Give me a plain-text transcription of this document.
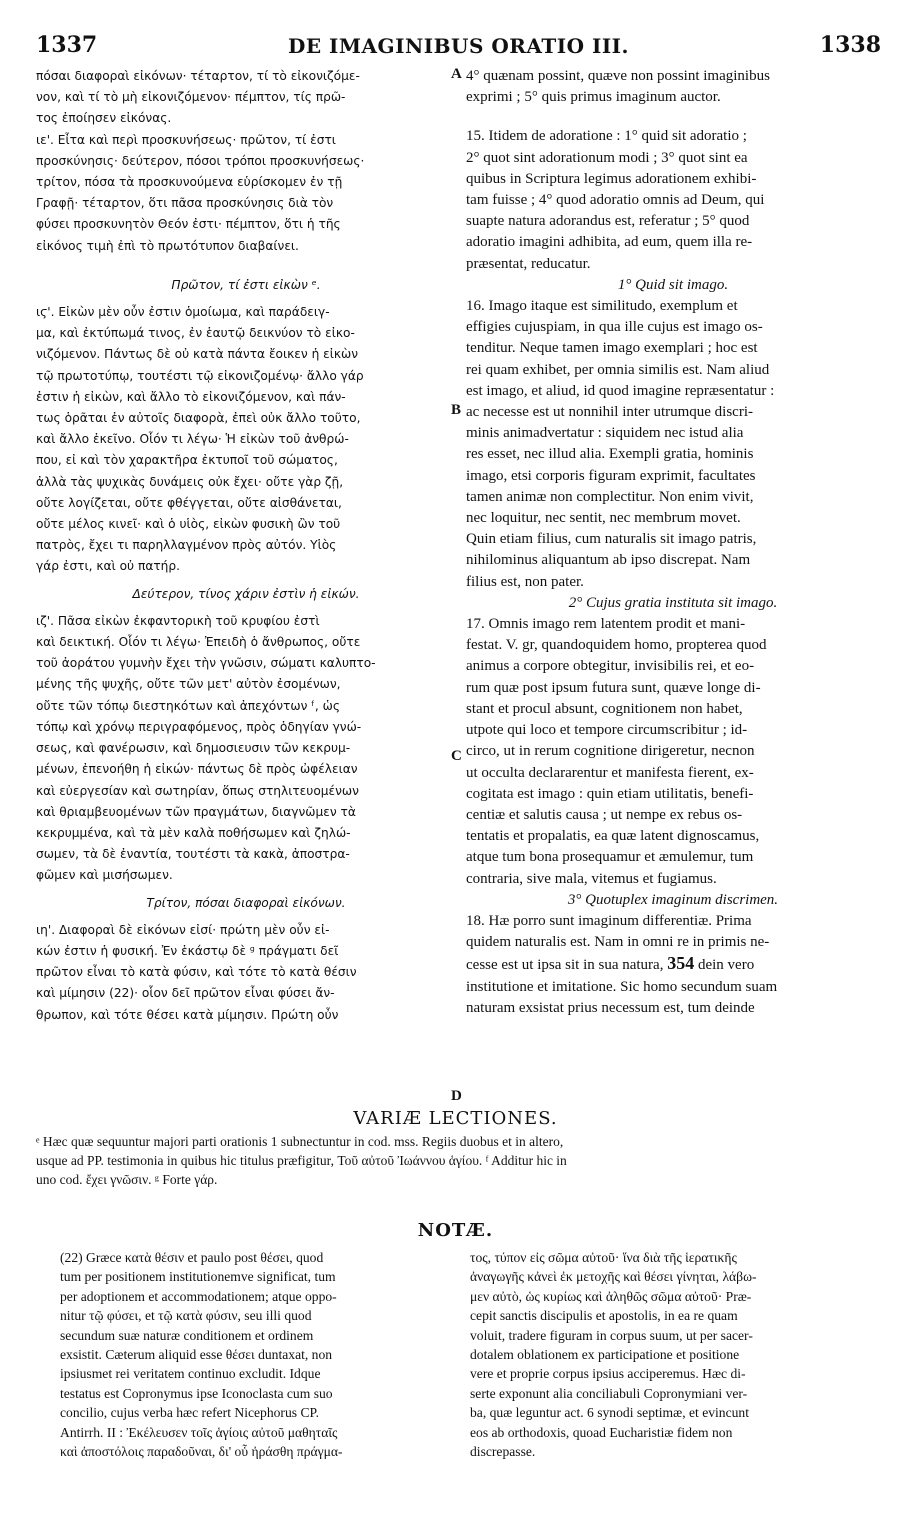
1337	DE IMAGINIBUS ORATIO III.	1338
A
B
C
D
πόσαι διαφοραὶ εἰκόνων· τέταρτον, τί τὸ εἰκονιζόμε-
νον, καὶ τί τὸ μὴ εἰκονιζόμενον· πέμπτον, τίς πρῶ-
τος ἐποίησεν εἰκόνας.
ιε'. Εἶτα καὶ περὶ προσκυνήσεως· πρῶτον, τί ἐστι
προσκύνησις· δεύτερον, πόσοι τρόποι προσκυνήσεως·
τρίτον, πόσα τὰ προσκυνούμενα εὑρίσκομεν ἐν τῇ
Γραφῇ· τέταρτον, ὅτι πᾶσα προσκύνησις διὰ τὸν
φύσει προσκυνητὸν Θεόν ἐστι· πέμπτον, ὅτι ἡ τῆς
εἰκόνος τιμὴ ἐπὶ τὸ πρωτότυπον διαβαίνει.
Πρῶτον, τί ἐστι εἰκὼν ᵉ.
ιϛ'. Εἰκὼν μὲν οὖν ἐστιν ὁμοίωμα, καὶ παράδειγ-
μα, καὶ ἐκτύπωμά τινος, ἐν ἑαυτῷ δεικνύον τὸ εἰκο-
νιζόμενον. Πάντως δὲ οὐ κατὰ πάντα ἔοικεν ἡ εἰκὼν
τῷ πρωτοτύπῳ, τουτέστι τῷ εἰκονιζομένῳ· ἄλλο γάρ
ἐστιν ἡ εἰκὼν, καὶ ἄλλο τὸ εἰκονιζόμενον, καὶ πάν-
τως ὁρᾶται ἐν αὐτοῖς διαφορὰ, ἐπεὶ οὐκ ἄλλο τοῦτο,
καὶ ἄλλο ἐκεῖνο. Οἷόν τι λέγω· Ἡ εἰκὼν τοῦ ἀνθρώ-
που, εἰ καὶ τὸν χαρακτῆρα ἐκτυποῖ τοῦ σώματος,
ἀλλὰ τὰς ψυχικὰς δυνάμεις οὐκ ἔχει· οὔτε γὰρ ζῇ,
οὔτε λογίζεται, οὔτε φθέγγεται, οὔτε αἰσθάνεται,
οὔτε μέλος κινεῖ· καὶ ὁ υἱὸς, εἰκὼν φυσικὴ ὢν τοῦ
πατρὸς, ἔχει τι παρηλλαγμένον πρὸς αὐτόν. Υἱὸς
γάρ ἐστι, καὶ οὐ πατήρ.
Δεύτερον, τίνος χάριν ἐστὶν ἡ εἰκών.
ιζ'. Πᾶσα εἰκὼν ἐκφαντορικὴ τοῦ κρυφίου ἐστὶ
καὶ δεικτική. Οἷόν τι λέγω· Ἐπειδὴ ὁ ἄνθρωπος, οὔτε
τοῦ ἀοράτου γυμνὴν ἔχει τὴν γνῶσιν, σώματι καλυπτο-
μένης τῆς ψυχῆς, οὔτε τῶν μετ' αὐτὸν ἐσομένων,
οὔτε τῶν τόπῳ διεστηκότων καὶ ἀπεχόντων ᶠ, ὡς
τόπῳ καὶ χρόνῳ περιγραφόμενος, πρὸς ὁδηγίαν γνώ-
σεως, καὶ φανέρωσιν, καὶ δημοσιευσιν τῶν κεκρυμ-
μένων, ἐπενοήθη ἡ εἰκών· πάντως δὲ πρὸς ὠφέλειαν
καὶ εὐεργεσίαν καὶ σωτηρίαν, ὅπως στηλιτευομένων
καὶ θριαμβευομένων τῶν πραγμάτων, διαγνῶμεν τὰ
κεκρυμμένα, καὶ τὰ μὲν καλὰ ποθήσωμεν καὶ ζηλώ-
σωμεν, τὰ δὲ ἐναντία, τουτέστι τὰ κακὰ, ἀποστρα-
φῶμεν καὶ μισήσωμεν.
Τρίτον, πόσαι διαφοραὶ εἰκόνων.
ιη'. Διαφοραὶ δὲ εἰκόνων εἰσί· πρώτη μὲν οὖν εἰ-
κών ἐστιν ἡ φυσική. Ἐν ἑκάστῳ δὲ ᵍ πράγματι δεῖ
πρῶτον εἶναι τὸ κατὰ φύσιν, καὶ τότε τὸ κατὰ θέσιν
καὶ μίμησιν (22)· οἷον δεῖ πρῶτον εἶναι φύσει ἄν-
θρωπον, καὶ τότε θέσει κατὰ μίμησιν. Πρώτη οὖν
4° quænam possint, quæve non possint imaginibus
exprimi ; 5° quis primus imaginum auctor.
15. Itidem de adoratione : 1° quid sit adoratio ;
2° quot sint adorationum modi ; 3° quot sint ea
quibus in Scriptura legimus adorationem exhibi-
tam fuisse ; 4° quod adoratio omnis ad Deum, qui
suapte natura adorandus est, referatur ; 5° quod
adoratio imagini adhibita, ad eum, quem illa re-
præsentat, reducatur.
1° Quid sit imago.
16. Imago itaque est similitudo, exemplum et
effigies cujuspiam, in qua ille cujus est imago os-
tenditur. Neque tamen imago exemplari ; hoc est
rei quam exhibet, per omnia similis est. Nam aliud
est imago, et aliud, id quod imagine repræsentatur :
ac necesse est ut nonnihil inter utrumque discri-
minis animadvertatur : siquidem nec istud alia
res esset, nec illud alia. Exempli gratia, hominis
imago, etsi corporis figuram exprimit, facultates
tamen animæ non complectitur. Non enim vivit,
nec loquitur, nec sentit, nec membrum movet.
Quin etiam filius, cum naturalis sit imago patris,
nihilominus aliquantum ab ipso discrepat. Nam
filius est, non pater.
2° Cujus gratia instituta sit imago.
17. Omnis imago rem latentem prodit et mani-
festat. V. gr, quandoquidem homo, propterea quod
animus a corpore obtegitur, invisibilis rei, et eo-
rum quæ post ipsum futura sunt, quæve longe di-
stant et procul absunt, cognitionem non habet,
utpote qui loco et tempore circumscribitur ; id-
circo, ut in rerum cognitione dirigeretur, necnon
ut occulta declararentur et manifesta fierent, ex-
cogitata est imago : quin etiam utilitatis, benefi-
centiæ et salutis causa ; ut nempe ex rebus os-
tentatis et propalatis, ea quæ latent dignoscamus,
atque tum bona prosequamur et æmulemur, tum
contraria, sive mala, vitemus et fugiamus.
3° Quotuplex imaginum discrimen.
18. Hæ porro sunt imaginum differentiæ. Prima
quidem naturalis est. Nam in omni re in primis ne-
cesse est ut ipsa sit in sua natura, 354 dein vero
institutione et imitatione. Sic homo secundum suam
naturam exsistat prius necessum est, tum deinde
VARIÆ LECTIONES.
ᵉ Hæc quæ sequuntur majori parti orationis 1 subnectuntur in cod. mss. Regiis duobus et in altero,
usque ad PP. testimonia in quibus hic titulus præfigitur, Τοῦ αὐτοῦ Ἰωάννου ἁγίου. ᶠ Additur hic in
uno cod. ἔχει γνῶσιν. ᵍ Forte γάρ.
NOTÆ.
(22) Græce κατὰ θέσιν et paulo post θέσει, quod
tum per positionem institutionemve significat, tum
per adoptionem et accommodationem; atque oppo-
nitur τῷ φύσει, et τῷ κατὰ φύσιν, seu illi quod
secundum suæ naturæ conditionem et ordinem
exsistit. Cæterum aliquid esse θέσει duntaxat, non
ipsiusmet rei veritatem continuo excludit. Idque
testatus est Copronymus ipse Iconoclasta cum suo
concilio, cujus verba hæc refert Nicephorus CP.
Antirrh. II : Ἐκέλευσεν τοῖς ἁγίοις αὐτοῦ μαθηταῖς
καὶ ἀποστόλοις παραδοῦναι, δι' οὗ ἠράσθη πράγμα-
τος, τύπον εἰς σῶμα αὐτοῦ· ἵνα διὰ τῆς ἱερατικῆς
ἀναγωγῆς κἀνεὶ ἐκ μετοχῆς καὶ θέσει γίνηται, λάβω-
μεν αὐτὸ, ὡς κυρίως καὶ ἀληθῶς σῶμα αὐτοῦ· Præ-
cepit sanctis discipulis et apostolis, in ea re quam
voluit, tradere figuram in corpus suum, ut per sacer-
dotalem oblationem ex participatione et positione
vere et proprie corpus ipsius acciperemus. Hæc di-
serte exponunt alia conciliabuli Copronymiani ver-
ba, quæ leguntur act. 6 synodi septimæ, et evincunt
eos ab orthodoxis, quoad Eucharistiæ fidem non
discrepasse.
